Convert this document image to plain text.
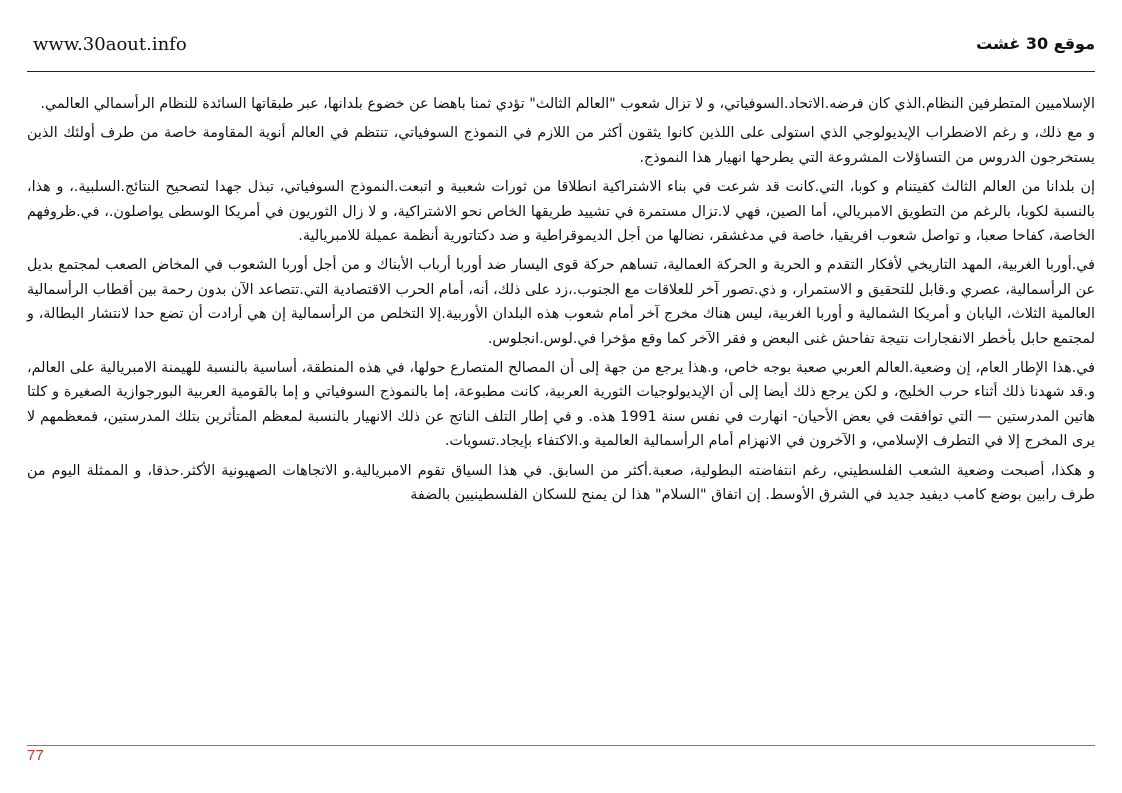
www.30aout.info	موقع 30 غشت

الإسلاميين المتطرفين النظام.الذي كان فرضه.الاتحاد.السوفياتي، و لا تزال شعوب "العالم الثالث" تؤدي ثمنا باهضا عن خضوع بلدانها، عبر طبقاتها السائدة للنظام الرأسمالي العالمي.

و مع ذلك، و رغم الاضطراب الإيديولوجي الذي استولى على اللذين كانوا يثقون أكثر من اللازم في النموذج السوفياتي، تنتظم في العالم أنوية المقاومة خاصة من طرف أولئك الذين يستخرجون الدروس من التساؤلات المشروعة التي يطرحها انهيار هذا النموذج.

إن بلدانا من العالم الثالث كفيتنام و كوبا، التي.كانت قد شرعت في بناء الاشتراكية انطلاقا من ثورات شعبية و اتبعت.النموذج السوفياتي، تبذل جهدا لتصحيح النتائج.السلبية.، و هذا، بالنسبة لكوبا، بالرغم من التطويق الامبريالي، أما الصين، فهي لا.تزال مستمرة في تشييد طريقها الخاص نحو الاشتراكية، و لا زال الثوريون في أمريكا الوسطى يواصلون.، في.ظروفهم الخاصة، كفاحا صعبا، و تواصل شعوب افريقيا، خاصة في مدغشقر، نضالها من أجل الديموقراطية و ضد دكتاتورية أنظمة عميلة للامبريالية.

في.أوربا الغربية، المهد التاريخي لأفكار التقدم و الحرية و الحركة العمالية، تساهم حركة قوى اليسار ضد أوربا أرباب الأبناك و من أجل أوربا الشعوب في المخاض الصعب لمجتمع بديل عن الرأسمالية، عصري و.قابل للتحقيق و الاستمرار، و ذي.تصور آخر للعلاقات مع الجنوب.،زد على ذلك، أنه، أمام الحرب الاقتصادية التي.تتصاعد الآن بدون رحمة بين أقطاب الرأسمالية العالمية الثلاث، اليابان و أمريكا الشمالية و أوربا الغربية، ليس هناك مخرج آخر أمام شعوب هذه البلدان الأوربية.إلا التخلص من الرأسمالية إن هي أرادت أن تضع حدا لانتشار البطالة، و لمجتمع حابل بأخطر الانفجارات نتيجة تفاحش غنى البعض و فقر الآخر كما وقع مؤخرا في.لوس.انجلوس.

في.هذا الإطار العام، إن وضعية.العالم العربي صعبة بوجه خاص، و.هذا يرجع من جهة إلى أن المصالح المتصارع حولها، في هذه المنطقة، أساسية بالنسبة للهيمنة الامبريالية على العالم، و.قد شهدنا ذلك أثناء حرب الخليج، و لكن يرجع ذلك أيضا إلى أن الإيديولوجيات الثورية العربية، كانت مطبوعة، إما بالنموذج السوفياتي و إما بالقومية العربية البورجوازية الصغيرة و كلتا هاتين المدرستين — التي توافقت في بعض الأحيان- انهارت في نفس سنة 1991 هذه. و في إطار التلف الناتج عن ذلك الانهيار بالنسبة لمعظم المتأثرين بتلك المدرستين، فمعظمهم لا يرى المخرج إلا في التطرف الإسلامي، و الآخرون في الانهزام أمام الرأسمالية العالمية و.الاكتفاء بإيجاد.تسويات.

و هكذا، أصبحت وضعية الشعب الفلسطيني، رغم انتفاضته البطولية، صعبة.أكثر من السابق. في هذا السياق تقوم الامبريالية.و الاتجاهات الصهيونية الأكثر.حذقا، و الممثلة اليوم من طرف رابين بوضع كامب ديفيد جديد في الشرق الأوسط. إن اتفاق "السلام" هذا لن يمنح للسكان الفلسطينيين بالضفة

77
